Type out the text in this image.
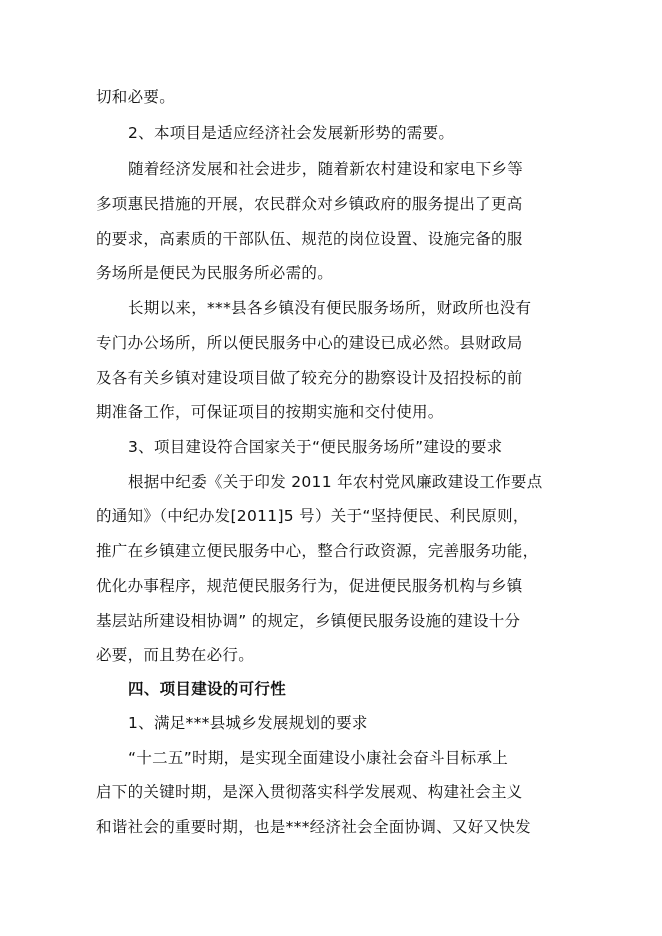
切和必要。
2、本项目是适应经济社会发展新形势的需要。
随着经济发展和社会进步，随着新农村建设和家电下乡等
多项惠民措施的开展，农民群众对乡镇政府的服务提出了更高
的要求，高素质的干部队伍、规范的岗位设置、设施完备的服
务场所是便民为民服务所必需的。
长期以来，***县各乡镇没有便民服务场所，财政所也没有
专门办公场所，所以便民服务中心的建设已成必然。县财政局
及各有关乡镇对建设项目做了较充分的勘察设计及招投标的前
期准备工作，可保证项目的按期实施和交付使用。
3、项目建设符合国家关于“便民服务场所”建设的要求
根据中纪委《关于印发 2011 年农村党风廉政建设工作要点
的通知》（中纪办发[2011]5 号）关于“坚持便民、利民原则，
推广在乡镇建立便民服务中心，整合行政资源，完善服务功能，
优化办事程序，规范便民服务行为，促进便民服务机构与乡镇
基层站所建设相协调” 的规定，乡镇便民服务设施的建设十分
必要，而且势在必行。
四、项目建设的可行性
1、满足***县城乡发展规划的要求
“十二五”时期，是实现全面建设小康社会奋斗目标承上
启下的关键时期，是深入贯彻落实科学发展观、构建社会主义
和谐社会的重要时期，也是***经济社会全面协调、又好又快发
